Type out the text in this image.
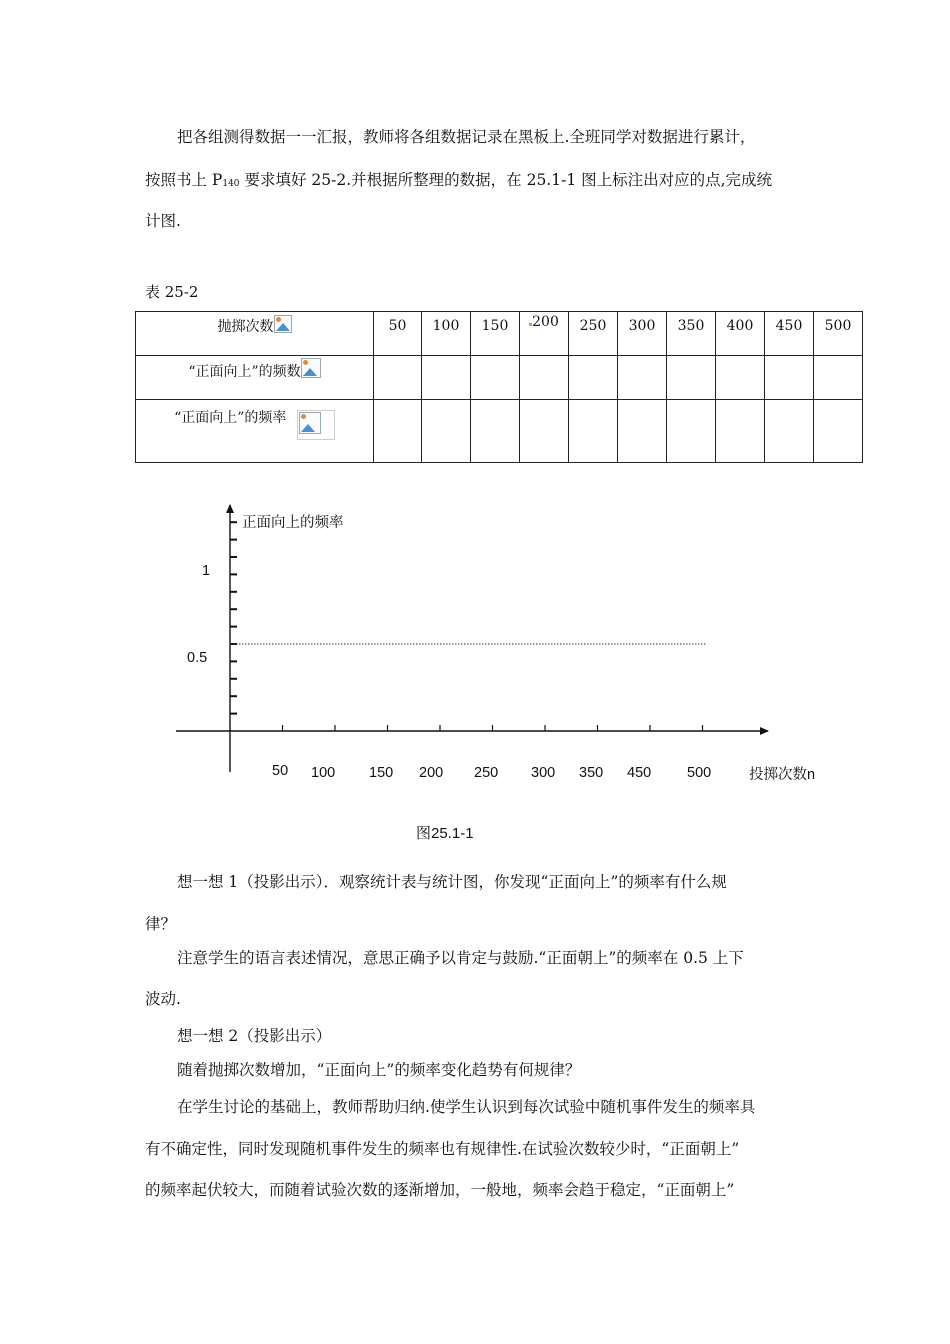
把各组测得数据一一汇报，教师将各组数据记录在黑板上.全班同学对数据进行累计，
按照书上 P140 要求填好 25-2.并根据所整理的数据，在 25.1-1 图上标注出对应的点,完成统
计图.
表 25-2
抛掷次数	50	100	150	200	250	300	350	400	450	500

“正面向上”的频数										

“正面向上”的频率										

正面向上的频率
投掷次数n
1
0.5
50 100 150 200 250 300 350 450 500
图25.1-1
想一想 1（投影出示）．观察统计表与统计图，你发现“正面向上”的频率有什么规
律？
注意学生的语言表述情况，意思正确予以肯定与鼓励.“正面朝上”的频率在 0.5 上下
波动.
想一想 2（投影出示）
随着抛掷次数增加，“正面向上”的频率变化趋势有何规律？
在学生讨论的基础上，教师帮助归纳.使学生认识到每次试验中随机事件发生的频率具
有不确定性，同时发现随机事件发生的频率也有规律性.在试验次数较少时，“正面朝上”
的频率起伏较大，而随着试验次数的逐渐增加，一般地，频率会趋于稳定，“正面朝上”
